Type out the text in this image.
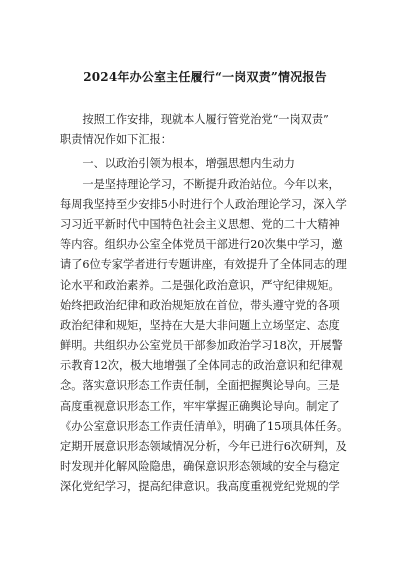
2024年办公室主任履行“一岗双责”情况报告
　　按照工作安排，现就本人履行管党治党“一岗双责”
职责情况作如下汇报：
　　一、以政治引领为根本，增强思想内生动力
　　一是坚持理论学习，不断提升政治站位。今年以来，
每周我坚持至少安排5小时进行个人政治理论学习，深入学
习习近平新时代中国特色社会主义思想、党的二十大精神
等内容。组织办公室全体党员干部进行20次集中学习，邀
请了6位专家学者进行专题讲座，有效提升了全体同志的理
论水平和政治素养。二是强化政治意识，严守纪律规矩。
始终把政治纪律和政治规矩放在首位，带头遵守党的各项
政治纪律和规矩，坚持在大是大非问题上立场坚定、态度
鲜明。共组织办公室党员干部参加政治学习18次，开展警
示教育12次，极大地增强了全体同志的政治意识和纪律观
念。落实意识形态工作责任制，全面把握舆论导向。三是
高度重视意识形态工作，牢牢掌握正确舆论导向。制定了
《办公室意识形态工作责任清单》，明确了15项具体任务。
定期开展意识形态领域情况分析，今年已进行6次研判，及
时发现并化解风险隐患，确保意识形态领域的安全与稳定
深化党纪学习，提高纪律意识。我高度重视党纪党规的学
